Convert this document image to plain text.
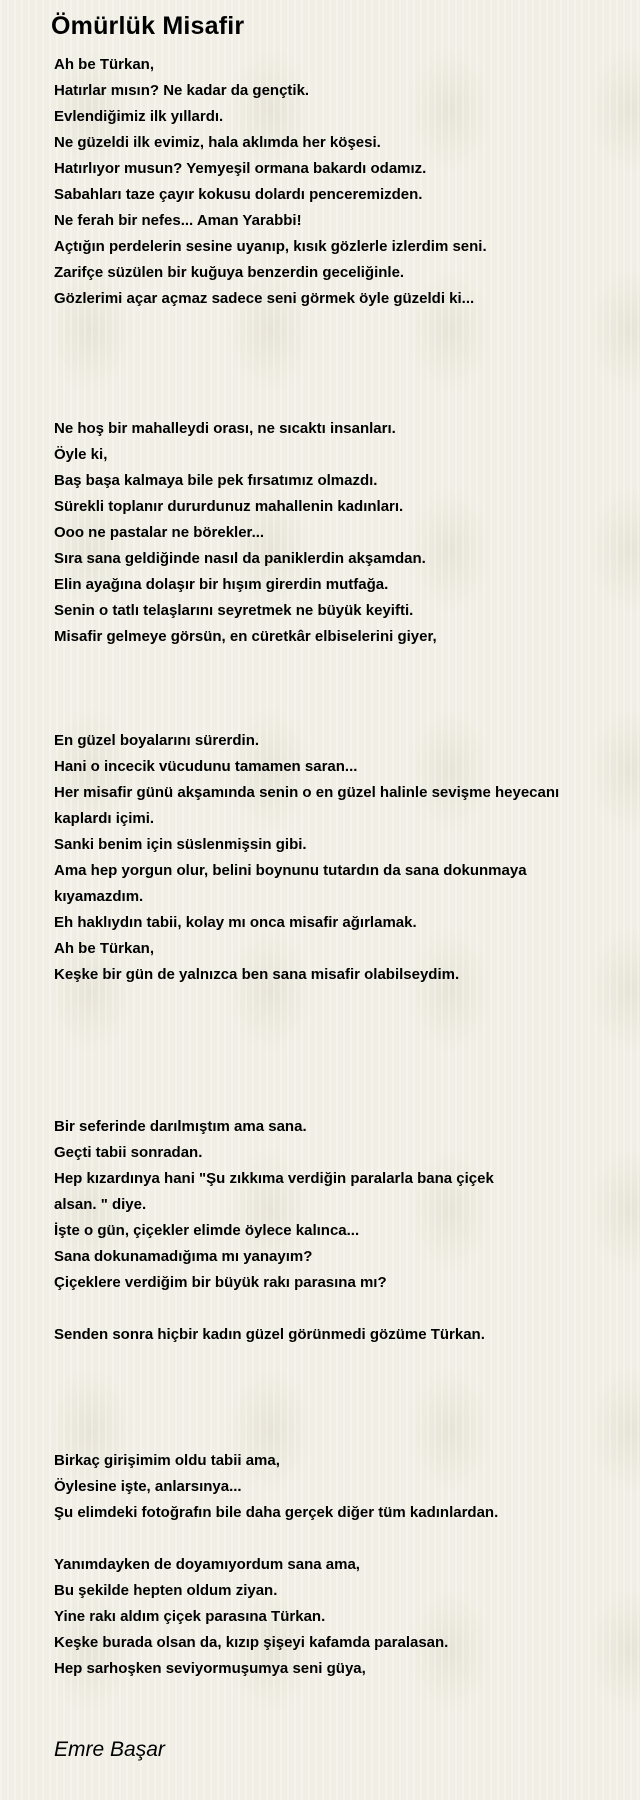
Ömürlük Misafir
Ah be Türkan,
Hatırlar mısın? Ne kadar da gençtik.
Evlendiğimiz ilk yıllardı.
Ne güzeldi ilk evimiz, hala aklımda her köşesi.
Hatırlıyor musun? Yemyeşil ormana bakardı odamız.
Sabahları taze çayır kokusu dolardı penceremizden.
Ne ferah bir nefes... Aman Yarabbi!
Açtığın perdelerin sesine uyanıp, kısık gözlerle izlerdim seni.
Zarifçe süzülen bir kuğuya benzerdin geceliğinle.
Gözlerimi açar açmaz sadece seni görmek öyle güzeldi ki...
Ne hoş bir mahalleydi orası, ne sıcaktı insanları.
Öyle ki,
Baş başa kalmaya bile pek fırsatımız olmazdı.
Sürekli toplanır dururdunuz mahallenin kadınları.
Ooo ne pastalar ne börekler...
Sıra sana geldiğinde nasıl da paniklerdin akşamdan.
Elin ayağına dolaşır bir hışım girerdin mutfağa.
Senin o tatlı telaşlarını seyretmek ne büyük keyifti.
Misafir gelmeye görsün, en cüretkâr elbiselerini giyer,
En güzel boyalarını sürerdin.
Hani o incecik vücudunu tamamen saran...
Her misafir günü akşamında senin o en güzel halinle sevişme heyecanı
kaplardı içimi.
Sanki benim için süslenmişsin gibi.
Ama hep yorgun olur, belini boynunu tutardın da sana dokunmaya
kıyamazdım.
Eh haklıydın tabii, kolay mı onca misafir ağırlamak.
Ah be Türkan,
Keşke bir gün de yalnızca ben sana misafir olabilseydim.
Bir seferinde darılmıştım ama sana.
Geçti tabii sonradan.
Hep kızardınya hani "Şu zıkkıma verdiğin paralarla bana çiçek
alsan. " diye.
İşte o gün, çiçekler elimde öylece kalınca...
Sana dokunamadığıma mı yanayım?
Çiçeklere verdiğim bir büyük rakı parasına mı?
Senden sonra hiçbir kadın güzel görünmedi gözüme Türkan.
Birkaç girişimim oldu tabii ama,
Öylesine işte, anlarsınya...
Şu elimdeki fotoğrafın bile daha gerçek diğer tüm kadınlardan.
Yanımdayken de doyamıyordum sana ama,
Bu şekilde hepten oldum ziyan.
Yine rakı aldım çiçek parasına Türkan.
Keşke burada olsan da, kızıp şişeyi kafamda paralasan.
Hep sarhoşken seviyormuşumya seni güya,
Emre Başar
